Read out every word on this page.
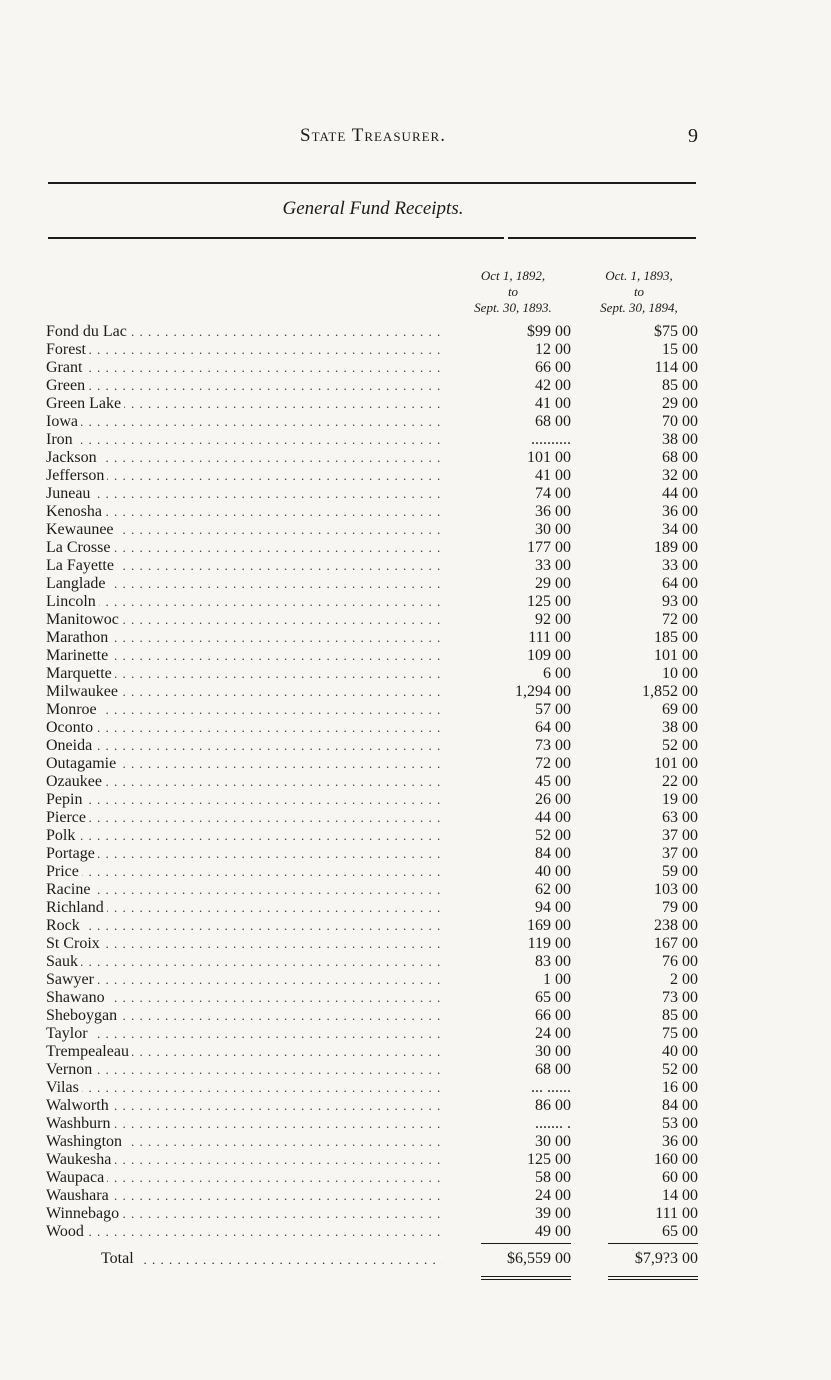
State Treasurer.	9
General Fund Receipts.
Oct 1, 1892,
to
Sept. 30, 1893.
Oct. 1, 1893,
to
Sept. 30, 1894,
. . .
Fond du Lac	$99 00	$75 00
. . .
Forest	12 00	15 00
. . .
Grant	66 00	114 00
. . .
Green	42 00	85 00
. . .
Green Lake	41 00	29 00
. . .
Iowa	68 00	70 00
. . .
Iron	..........	38 00
. . .
Jackson	101 00	68 00
. . .
Jefferson	41 00	32 00
. . .
Juneau	74 00	44 00
. . .
Kenosha	36 00	36 00
. . .
Kewaunee	30 00	34 00
. . .
La Crosse	177 00	189 00
. . .
La Fayette	33 00	33 00
. . .
Langlade	29 00	64 00
. . .
Lincoln	125 00	93 00
. . .
Manitowoc	92 00	72 00
. . .
Marathon	111 00	185 00
. . .
Marinette	109 00	101 00
. . .
Marquette	6 00	10 00
. . .
Milwaukee	1,294 00	1,852 00
. . .
Monroe	57 00	69 00
. . .
Oconto	64 00	38 00
. . .
Oneida	73 00	52 00
. . .
Outagamie	72 00	101 00
. . .
Ozaukee	45 00	22 00
. . .
Pepin	26 00	19 00
. . .
Pierce	44 00	63 00
. . .
Polk	52 00	37 00
. . .
Portage	84 00	37 00
. . .
Price	40 00	59 00
. . .
Racine	62 00	103 00
. . .
Richland	94 00	79 00
. . .
Rock	169 00	238 00
. . .
St Croix	119 00	167 00
. . .
Sauk	83 00	76 00
. . .
Sawyer	1 00	2 00
. . .
Shawano	65 00	73 00
. . .
Sheboygan	66 00	85 00
. . .
Taylor	24 00	75 00
. . .
Trempealeau	30 00	40 00
. . .
Vernon	68 00	52 00
. . .
Vilas	... ......	16 00
. . .
Walworth	86 00	84 00
. . .
Washburn	....... .	53 00
. . .
Washington	30 00	36 00
. . .
Waukesha	125 00	160 00
. . .
Waupaca	58 00	60 00
. . .
Waushara	24 00	14 00
. . .
Winnebago	39 00	111 00
. . .
Wood	49 00	65 00
. . .
Total	$6,559 00	$7,9?3 00
